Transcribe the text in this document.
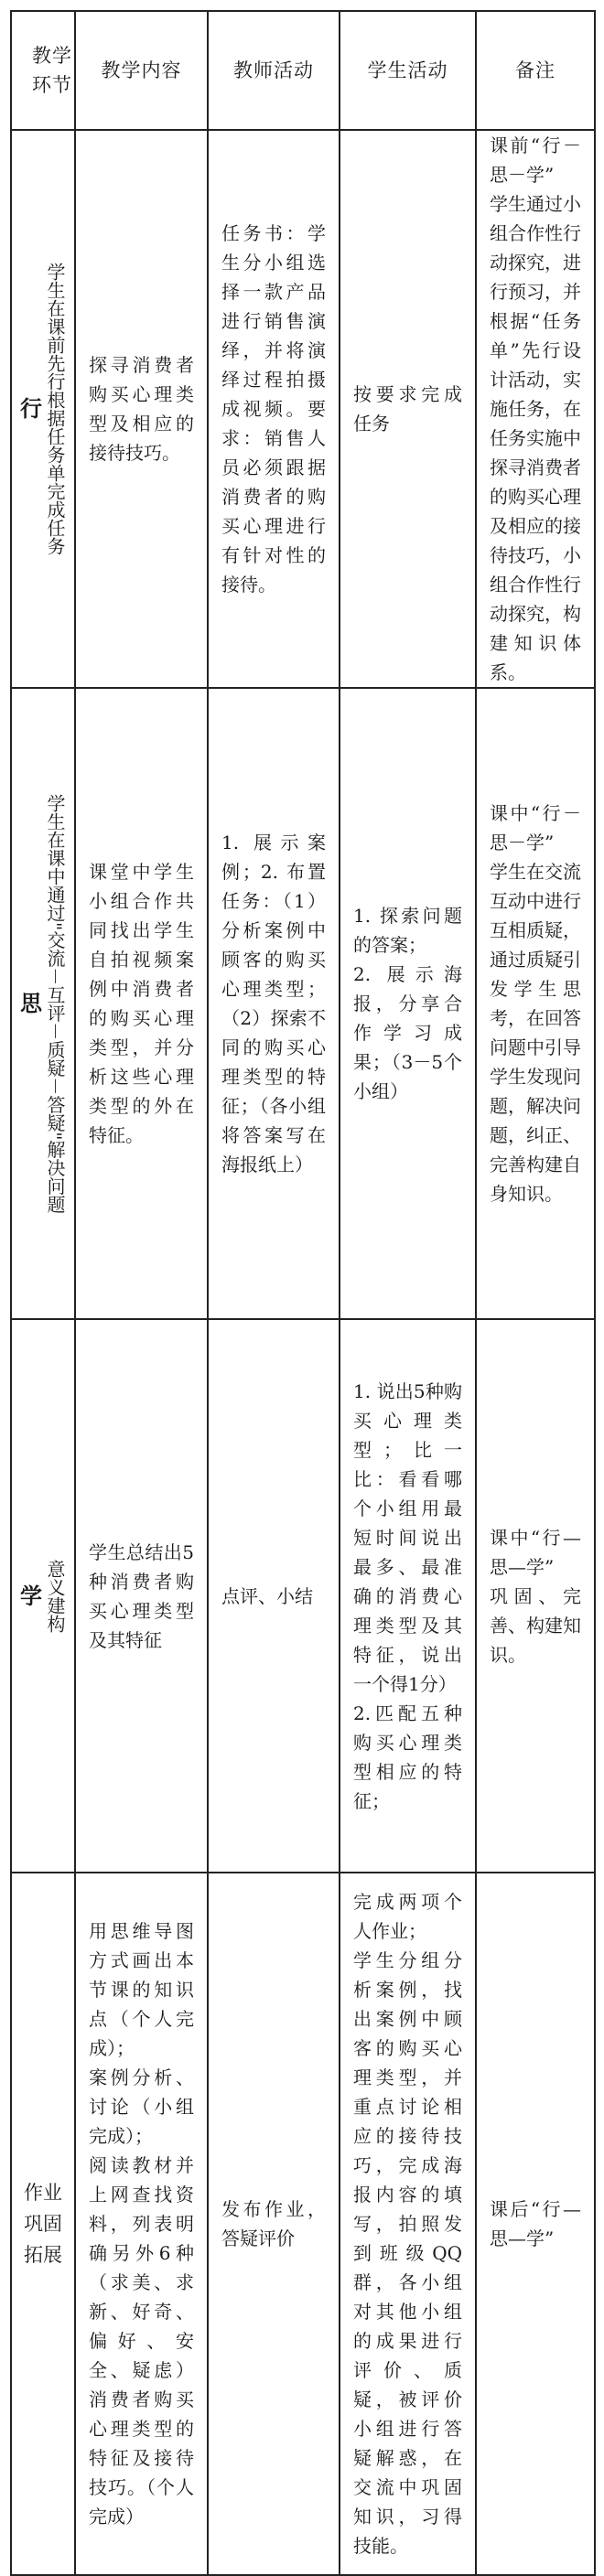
教学环节	教学内容	教师活动	学生活动	备注

行 学生在课前先行根据任务单完成任务	探寻消费者购买心理类型及相应的接待技巧。	任务书：学生分小组选择一款产品进行销售演绎，并将演绎过程拍摄成视频。要求：销售人员必须跟据消费者的购买心理进行有针对性的接待。	按要求完成任务	课前“行－思－学”
学生通过小组合作性行动探究，进行预习，并根据“任务单”先行设计活动，实施任务，在任务实施中探寻消费者的购买心理及相应的接待技巧，小组合作性行动探究，构建知识体系。

思 学生在课中通过"交流－互评－质疑－答疑"解决问题	课堂中学生小组合作共同找出学生自拍视频案例中消费者的购买心理类型，并分析这些心理类型的外在特征。	1. 展示案例；2. 布置任务：（1）分析案例中顾客的购买心理类型；（2）探索不同的购买心理类型的特征；（各小组将答案写在海报纸上）	1. 探索问题的答案；
2. 展示海报，分享合作学习成果；（3－5个小组）	课中“行－思－学”
学生在交流互动中进行互相质疑，通过质疑引发学生思考，在回答问题中引导学生发现问题，解决问题，纠正、完善构建自身知识。

学 意义建构	学生总结出5种消费者购买心理类型及其特征	点评、小结	1. 说出5种购买心理类型；比一比：看看哪个小组用最短时间说出最多、最准确的消费心理类型及其特征，说出一个得1分）
2.匹配五种购买心理类型相应的特征；	课中“行—思—学”
巩固、完善、构建知识。
作业巩固拓展	用思维导图方式画出本节课的知识点（个人完成）；
案例分析、讨论（小组完成）；
阅读教材并上网查找资料，列表明确另外6种（求美、求新、好奇、偏好、安全、疑虑）消费者购买心理类型的特征及接待技巧。（个人完成）	发布作业，答疑评价	完成两项个人作业；
学生分组分析案例，找出案例中顾客的购买心理类型，并重点讨论相应的接待技巧，完成海报内容的填写，拍照发到班级QQ群，各小组对其他小组的成果进行评价、质疑，被评价小组进行答疑解惑，在交流中巩固知识，习得技能。	课后“行—思—学”
